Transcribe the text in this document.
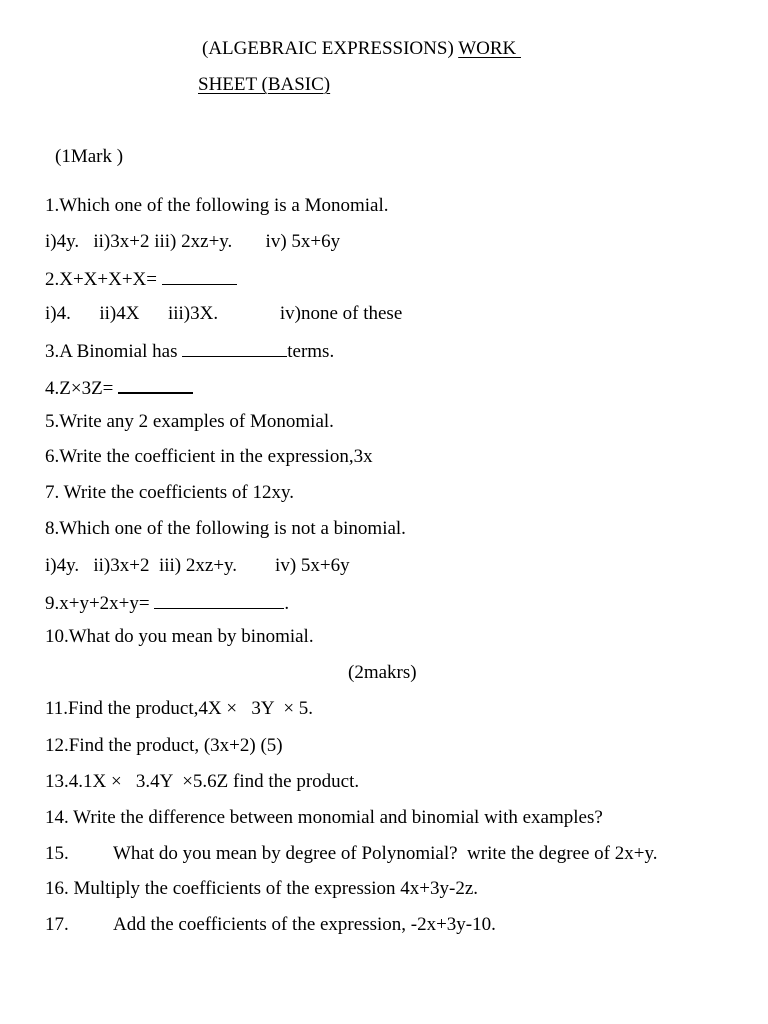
(ALGEBRAIC EXPRESSIONS) WORK
SHEET (BASIC)
(1Mark )
1.Which one of the following is a Monomial.
i)4y.   ii)3x+2 iii) 2xz+y.       iv) 5x+6y
2.X+X+X+X=
i)4.      ii)4X      iii)3X.             iv)none of these
3.A Binomial has	terms.
4.Z×3Z=
5.Write any 2 examples of Monomial.
6.Write the coefficient in the expression,3x
7. Write the coefficients of 12xy.
8.Which one of the following is not a binomial.
i)4y.   ii)3x+2  iii) 2xz+y.        iv) 5x+6y
9.x+y+2x+y=	.
10.What do you mean by binomial.
(2makrs)
11.Find the product,4X ×   3Y  × 5.
12.Find the product, (3x+2) (5)
13.4.1X ×   3.4Y  ×5.6Z find the product.
14. Write the difference between monomial and binomial with examples?
15. What do you mean by degree of Polynomial?  write the degree of 2x+y.
16. Multiply the coefficients of the expression 4x+3y-2z.
17. Add the coefficients of the expression, -2x+3y-10.
